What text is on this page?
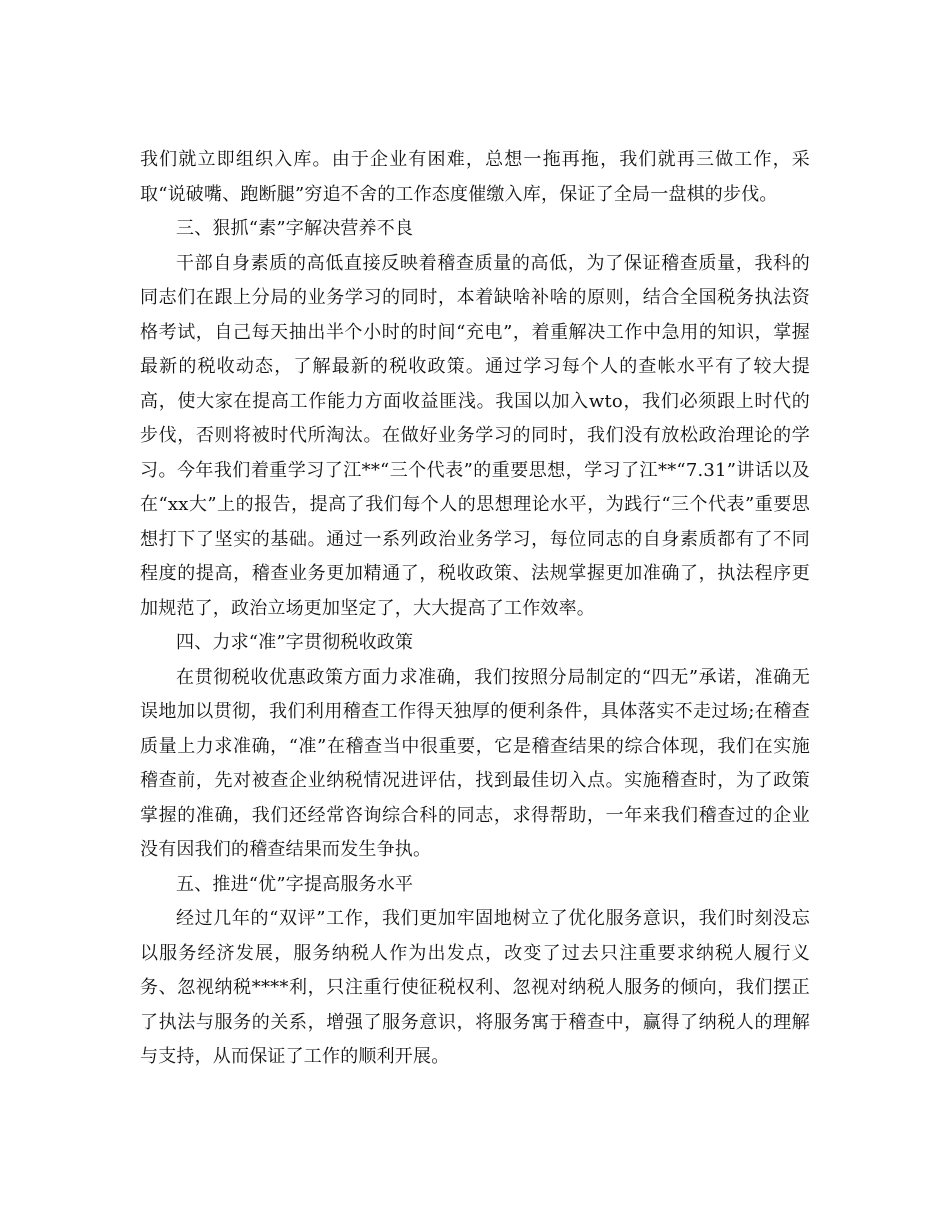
我们就立即组织入库。由于企业有困难，总想一拖再拖，我们就再三做工作，采取“说破嘴、跑断腿”穷追不舍的工作态度催缴入库，保证了全局一盘棋的步伐。

三、狠抓“素”字解决营养不良

干部自身素质的高低直接反映着稽查质量的高低，为了保证稽查质量，我科的同志们在跟上分局的业务学习的同时，本着缺啥补啥的原则，结合全国税务执法资格考试，自己每天抽出半个小时的时间“充电”，着重解决工作中急用的知识，掌握最新的税收动态，了解最新的税收政策。通过学习每个人的查帐水平有了较大提高，使大家在提高工作能力方面收益匪浅。我国以加入wto，我们必须跟上时代的步伐，否则将被时代所淘汰。在做好业务学习的同时，我们没有放松政治理论的学习。今年我们着重学习了江**“三个代表”的重要思想，学习了江**“7.31”讲话以及在“xx大”上的报告，提高了我们每个人的思想理论水平，为践行“三个代表”重要思想打下了坚实的基础。通过一系列政治业务学习，每位同志的自身素质都有了不同程度的提高，稽查业务更加精通了，税收政策、法规掌握更加准确了，执法程序更加规范了，政治立场更加坚定了，大大提高了工作效率。

四、力求“准”字贯彻税收政策

在贯彻税收优惠政策方面力求准确，我们按照分局制定的“四无”承诺，准确无误地加以贯彻，我们利用稽查工作得天独厚的便利条件，具体落实不走过场;在稽查质量上力求准确，“准”在稽查当中很重要，它是稽查结果的综合体现，我们在实施稽查前，先对被查企业纳税情况进评估，找到最佳切入点。实施稽查时，为了政策掌握的准确，我们还经常咨询综合科的同志，求得帮助，一年来我们稽查过的企业没有因我们的稽查结果而发生争执。

五、推进“优”字提高服务水平

经过几年的“双评”工作，我们更加牢固地树立了优化服务意识，我们时刻没忘以服务经济发展，服务纳税人作为出发点，改变了过去只注重要求纳税人履行义务、忽视纳税****利，只注重行使征税权利、忽视对纳税人服务的倾向，我们摆正了执法与服务的关系，增强了服务意识，将服务寓于稽查中，赢得了纳税人的理解与支持，从而保证了工作的顺利开展。
